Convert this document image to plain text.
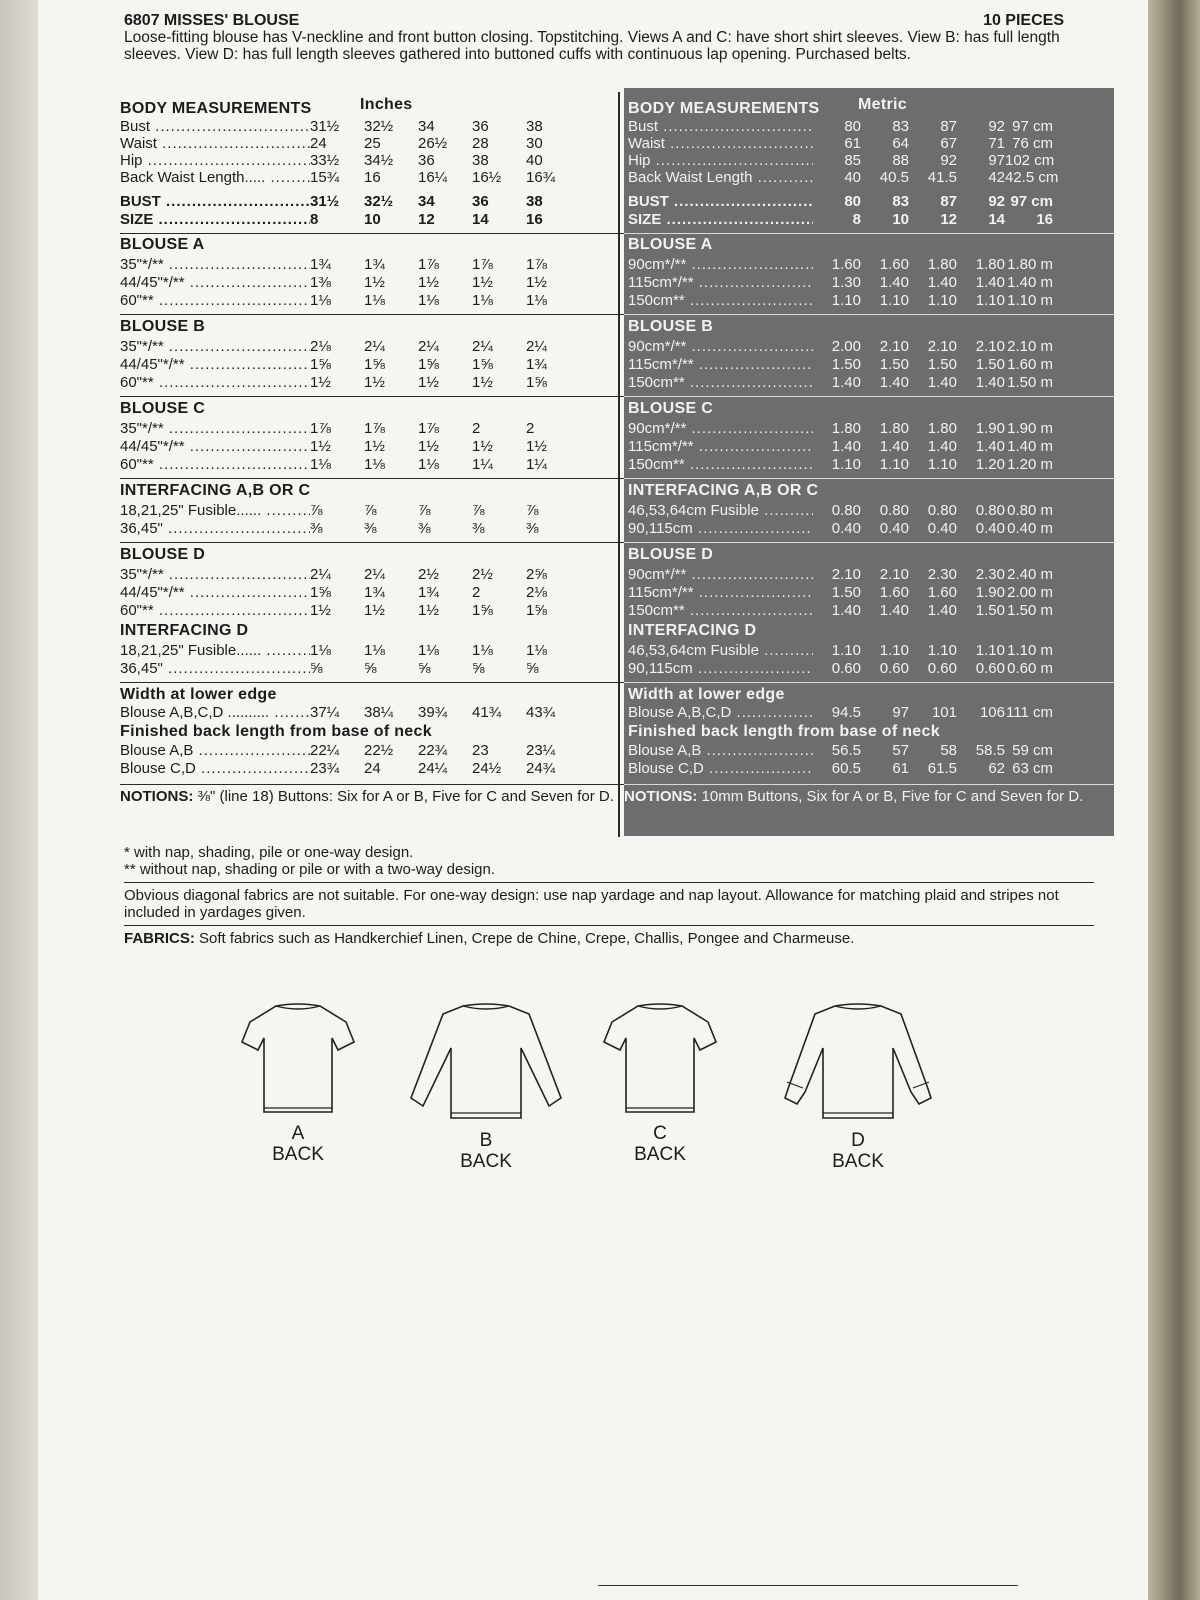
6807 MISSES' BLOUSE	10 PIECES

Loose-fitting blouse has V-neckline and front button closing. Topstitching. Views A and C: have short shirt sleeves. View B: has full length sleeves. View D: has full length sleeves gathered into buttoned cuffs with continuous lap opening. Purchased belts.

BODY MEASUREMENTS	Inches
Bust .....	31½	32½	34	36	38
Waist .....	24	25	26½	28	30
Hip .....	33½	34½	36	38	40
Back Waist Length..... .....	15¾	16	16¼	16½	16¾
BUST .....	31½	32½	34	36	38
SIZE .....	8	10	12	14	16
BLOUSE A
35"*/** .....	1¾	1¾	1⅞	1⅞	1⅞
44/45"*/** .....	1⅜	1½	1½	1½	1½
60"** .....	1⅛	1⅛	1⅛	1⅛	1⅛
BLOUSE B
35"*/** .....	2⅛	2¼	2¼	2¼	2¼
44/45"*/** .....	1⅝	1⅝	1⅝	1⅝	1¾
60"** .....	1½	1½	1½	1½	1⅝
BLOUSE C
35"*/** .....	1⅞	1⅞	1⅞	2	2
44/45"*/** .....	1½	1½	1½	1½	1½
60"** .....	1⅛	1⅛	1⅛	1¼	1¼
INTERFACING A,B OR C
18,21,25" Fusible...... .....	⅞	⅞	⅞	⅞	⅞
36,45" .....	⅜	⅜	⅜	⅜	⅜
BLOUSE D
35"*/** .....	2¼	2¼	2½	2½	2⅝
44/45"*/** .....	1⅝	1¾	1¾	2	2⅛
60"** .....	1½	1½	1½	1⅝	1⅝
INTERFACING D
18,21,25" Fusible...... .....	1⅛	1⅛	1⅛	1⅛	1⅛
36,45" .....	⅝	⅝	⅝	⅝	⅝
Width at lower edge
Blouse A,B,C,D .......... .....	37¼	38¼	39¾	41¾	43¾
Finished back length from base of neck
Blouse A,B .....	22¼	22½	22¾	23	23¼
Blouse C,D .....	23¾	24	24¼	24½	24¾
NOTIONS: ⅜" (line 18) Buttons: Six for A or B, Five for C and Seven for D.
BODY MEASUREMENTS Metric
Bust .....	80	83	87	92 97 cm
Waist .....	61	64	67	71 76 cm
Hip .....	85	88	92	97 102 cm
Back Waist Length .....	40	40.5	41.5	42 42.5 cm
BUST .....	80	83	87	92 97 cm
SIZE .....	8	10	12	14	16
BLOUSE A
90cm*/** .....	1.60	1.60	1.80	1.80 1.80 m
115cm*/** .....	1.30	1.40	1.40	1.40 1.40 m
150cm** .....	1.10	1.10	1.10	1.10 1.10 m
BLOUSE B
90cm*/** .....	2.00	2.10	2.10	2.10 2.10 m
115cm*/** .....	1.50	1.50	1.50	1.50 1.60 m
150cm** .....	1.40	1.40	1.40	1.40 1.50 m
BLOUSE C
90cm*/** .....	1.80	1.80	1.80	1.90 1.90 m
115cm*/** .....	1.40	1.40	1.40	1.40 1.40 m
150cm** .....	1.10	1.10	1.10	1.20 1.20 m
INTERFACING A,B OR C
46,53,64cm Fusible .....	0.80	0.80	0.80	0.80 0.80 m
90,115cm .....	0.40	0.40	0.40	0.40 0.40 m
BLOUSE D
90cm*/** .....	2.10	2.10	2.30	2.30 2.40 m
115cm*/** .....	1.50	1.60	1.60	1.90 2.00 m
150cm** .....	1.40	1.40	1.40	1.50 1.50 m
INTERFACING D
46,53,64cm Fusible .....	1.10	1.10	1.10	1.10 1.10 m
90,115cm .....	0.60	0.60	0.60	0.60 0.60 m
Width at lower edge
Blouse A,B,C,D .....	94.5	97	101	106 111 cm
Finished back length from base of neck
Blouse A,B .....	56.5	57	58	58.5 59 cm
Blouse C,D .....	60.5	61	61.5	62 63 cm
NOTIONS: 10mm Buttons, Six for A or B, Five for C and Seven for D.

* with nap, shading, pile or one-way design.

** without nap, shading or pile or with a two-way design.

Obvious diagonal fabrics are not suitable. For one-way design: use nap yardage and nap layout. Allowance for matching plaid and stripes not included in yardages given.

FABRICS: Soft fabrics such as Handkerchief Linen, Crepe de Chine, Crepe, Challis, Pongee and Charmeuse.

A
BACK
B
BACK
C
BACK
D
BACK
